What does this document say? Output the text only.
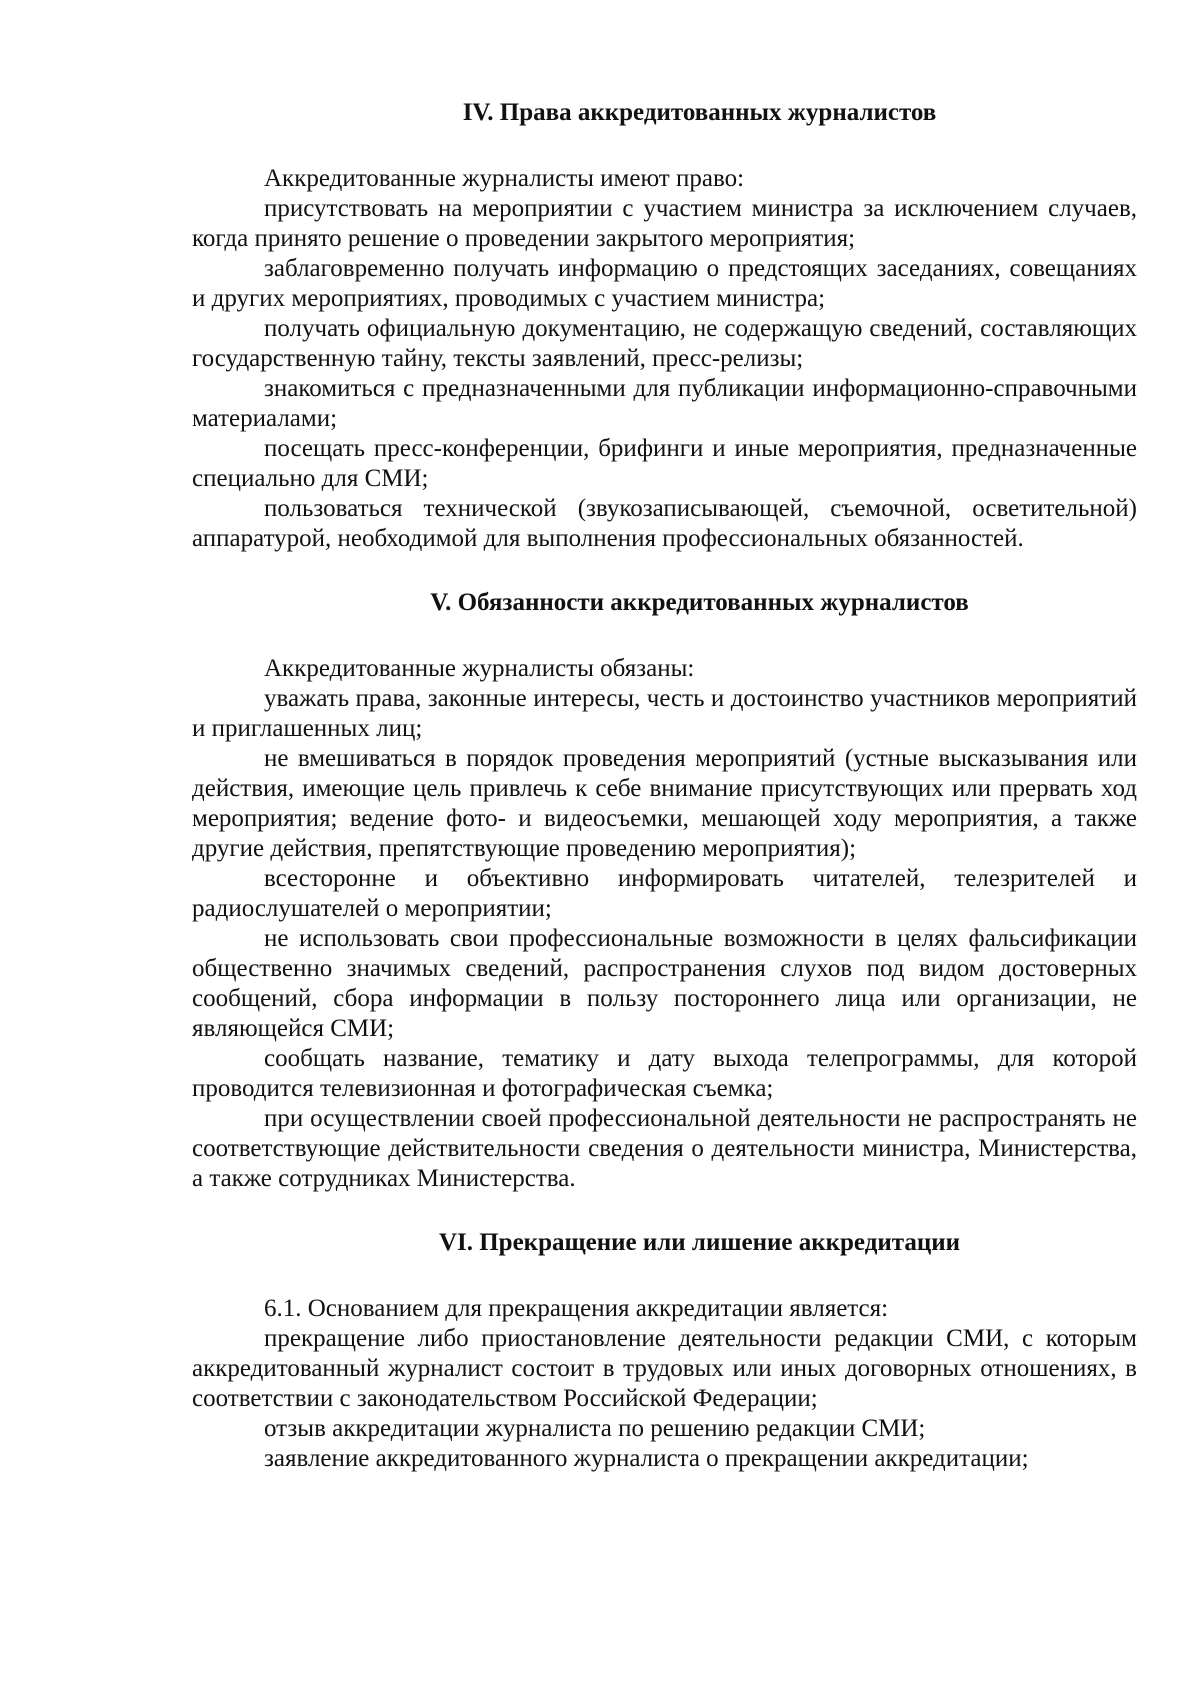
IV. Права аккредитованных журналистов

Аккредитованные журналисты имеют право:

присутствовать на мероприятии с участием министра за исключением случаев, когда принято решение о проведении закрытого мероприятия;

заблаговременно получать информацию о предстоящих заседаниях, совещаниях и других мероприятиях, проводимых с участием министра;

получать официальную документацию, не содержащую сведений, составляющих государственную тайну, тексты заявлений, пресс-релизы;

знакомиться с предназначенными для публикации информационно-справочными материалами;

посещать пресс-конференции, брифинги и иные мероприятия, предназначенные специально для СМИ;

пользоваться технической (звукозаписывающей, съемочной, осветительной) аппаратурой, необходимой для выполнения профессиональных обязанностей.

V. Обязанности аккредитованных журналистов

Аккредитованные журналисты обязаны:

уважать права, законные интересы, честь и достоинство участников мероприятий и приглашенных лиц;

не вмешиваться в порядок проведения мероприятий (устные высказывания или действия, имеющие цель привлечь к себе внимание присутствующих или прервать ход мероприятия; ведение фото- и видеосъемки, мешающей ходу мероприятия, а также другие действия, препятствующие проведению мероприятия);

всесторонне и объективно информировать читателей, телезрителей и радиослушателей о мероприятии;

не использовать свои профессиональные возможности в целях фальсификации общественно значимых сведений, распространения слухов под видом достоверных сообщений, сбора информации в пользу постороннего лица или организации, не являющейся СМИ;

сообщать название, тематику и дату выхода телепрограммы, для которой проводится телевизионная и фотографическая съемка;

при осуществлении своей профессиональной деятельности не распространять не соответствующие действительности сведения о деятельности министра, Министерства, а также сотрудниках Министерства.

VI. Прекращение или лишение аккредитации

6.1. Основанием для прекращения аккредитации является:

прекращение либо приостановление деятельности редакции СМИ, с которым аккредитованный журналист состоит в трудовых или иных договорных отношениях, в соответствии с законодательством Российской Федерации;

отзыв аккредитации журналиста по решению редакции СМИ;

заявление аккредитованного журналиста о прекращении аккредитации;
